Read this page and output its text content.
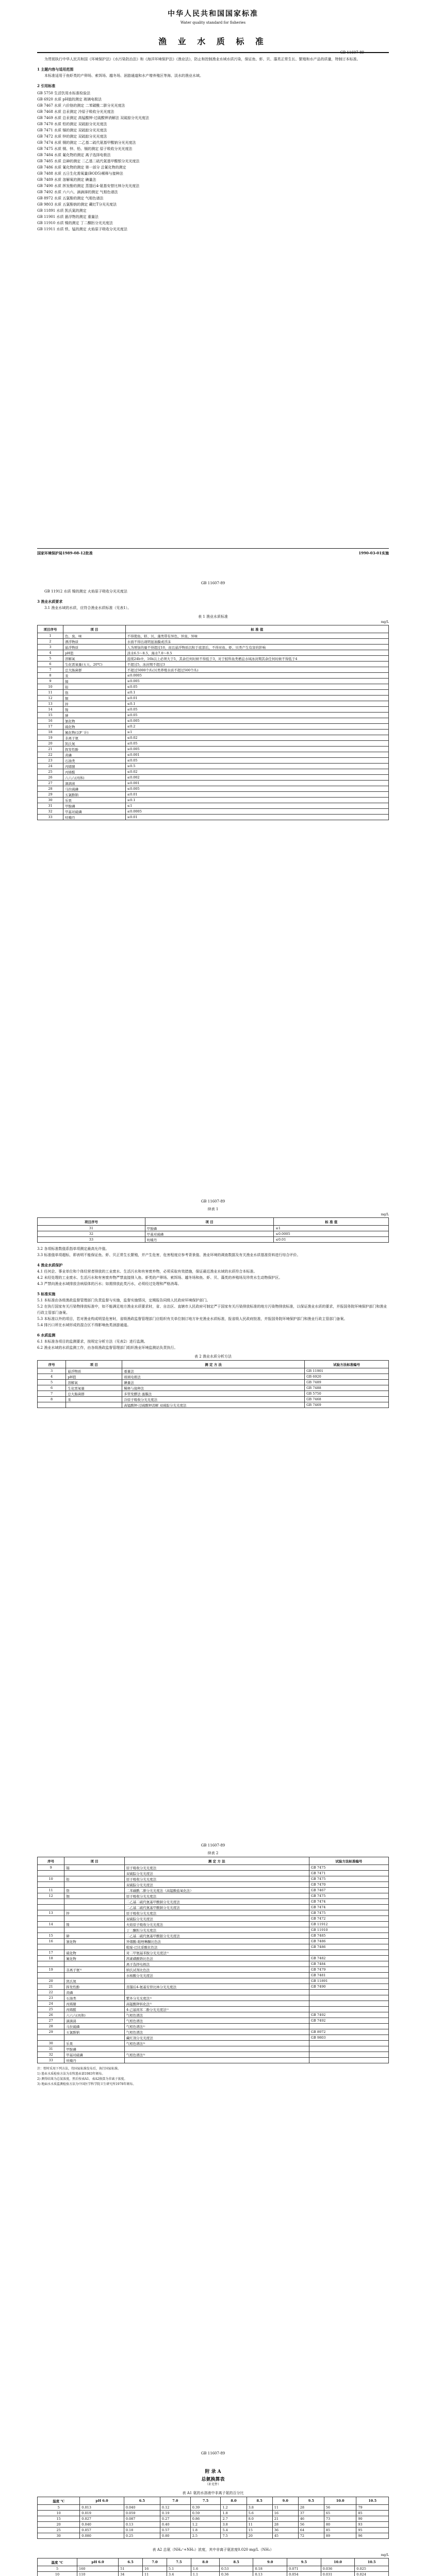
中华人民共和国国家标准
Water quality standard for fisheries
渔 业 水 质 标 准
GB 11607-89
为贯彻执行中华人民共和国《环境保护法》《水污染防治法》和《海洋环境保护法》《渔业法》，防止和控制渔业水域水质污染，保证鱼、虾、贝、藻类正常生长、繁殖和水产品的质量，特制订本标准。
1 主题内容与适用范围
本标准适用于鱼虾类的产卵场、索饵场、越冬场、洄游通道和水产增养殖区等海、淡水的渔业水域。
2 引用标准
GB 5750 生活饮用水标准检验法
GB 6920 水质 pH值的测定 玻璃电极法
GB 7467 水质 六价铬的测定 二苯碳酰二肼分光光度法
GB 7468 水质 总汞测定 冷原子吸收分光光度法
GB 7469 水质 总汞测定 高锰酸钾-过硫酸钾消解法 双硫腙分光光度法
GB 7470 水质 铅的测定 双硫腙分光光度法
GB 7471 水质 镉的测定 双硫腙分光光度法
GB 7472 水质 锌的测定 双硫腙分光光度法
GB 7474 水质 铜的测定 二乙基二硫代氨基甲酸钠分光光度法
GB 7475 水质 铜、锌、铅、镉的测定 原子吸收分光光度法
GB 7484 水质 氟化物的测定 离子选择电极法
GB 7485 水质 总砷的测定 二乙基二硫代氨基甲酸银分光光度法
GB 7486 水质 氰化物的测定 第一部分 总氰化物的测定
GB 7488 水质 五日生化需氧量(BOD5)稀释与接种法
GB 7489 水质 溶解氧的测定 碘量法
GB 7490 水质 挥发酚的测定 蒸馏后4-氨基安替比林分光光度法
GB 7492 水质 六六六、滴滴涕的测定 气相色谱法
GB 8972 水质 五氯酚的测定 气相色谱法
GB 9803 水质 五氯酚钠的测定 藏红T分光光度法
GB 11891 水质 凯氏氮的测定
GB 11901 水质 悬浮物的测定 重量法
GB 11910 水质 镍的测定 丁二酮肟分光光度法
GB 11911 水质 铁、锰的测定 火焰原子吸收分光光度法
国家环境保护局1989-08-12批准	1990-03-01实施
GB 11607-89
GB 11912 水质 镍的测定 火焰原子吸收分光光度法
3 渔业水质要求
3.1 渔业水域的水质，应符合渔业水质标准（见表1）。
表 1 渔业水质标准
mg/L
项目序号	项 目	标 准 值
1	色、臭、味	不得使鱼、虾、贝、藻类带有异色、异臭、异味
2	漂浮物质	水面不得出现明显油膜或浮沫
3	悬浮物质	人为增加的量不得超过10，而且悬浮物质沉积于底部后，不得对鱼、虾、贝类产生有害的影响
4	pH值	淡水6.5～8.5，海水7.0～8.5
5	溶解氧	连续24h中，16h以上必须大于5，其余任何时候不得低于3，对于鲑科鱼类栖息水域冰封期其余任何时候不得低于4
6	生化需氧量(五天、20℃)	不超过5，冰封期不超过3
7	总大肠菌群	不超过5000个/L(贝类养殖水质不超过500个/L)
8	汞	≤0.0005
9	镉	≤0.005
10	铅	≤0.05
11	铬	≤0.1
12	铜	≤0.01
13	锌	≤0.1
14	镍	≤0.05
15	砷	≤0.05
16	氰化物	≤0.005
17	硫化物	≤0.2
18	氟化物(以F⁻计)	≤1
19	非离子氨	≤0.02
20	凯氏氮	≤0.05
21	挥发性酚	≤0.005
22	黄磷	≤0.001
23	石油类	≤0.05
24	丙烯腈	≤0.5
25	丙烯醛	≤0.02
26	六六六(丙体)	≤0.002
27	滴滴涕	≤0.001
28	马拉硫磷	≤0.005
29	五氯酚钠	≤0.01
30	乐果	≤0.1
31	甲胺磷	≤1
32	甲基对硫磷	≤0.0005
33	呋喃丹	≤0.01
GB 11607-89
续表 1
mg/L
项目序号	项 目	标 准 值
31	甲胺磷	≤1
32	甲基对硫磷	≤0.0005
33	呋喃丹	≤0.01
3.2 各项标准数值系指单项测定最高允许值。
3.3 标准值单项超标，即表明不能保证鱼、虾、贝正常生长繁殖，并产生危害，危害程度应参考背景值、渔业环境的调查数据及有关渔业水质基准资料进行综合评价。
4 渔业水质保护
4.1 任何企、事业单位和个体经营者排放的工业废水、生活污水和有害废弃物，必须采取有效措施，保证最近渔业水域的水质符合本标准。
4.2 未经处理的工业废水、生活污水和有害废弃物严禁直接排入鱼、虾类的产卵场、索饵场、越冬场和鱼、虾、贝、藻类的养殖场及珍贵水生动物保护区。
4.3 严禁向渔业水域排放含病原体的污水；如需排放此类污水，必须经过处理和严格消毒。
5 标准实施
5.1 本标准由各级渔政监督管理部门负责监督与实施，监督实施情况，定期报告同级人民政府环境保护部门。
5.2 在执行国家有关污染物排放标准中，如不能满足地方渔业水质要求时，省、自治区、直辖市人民政府可制定严于国家有关污染排放标准的地方污染物排放标准，以保证渔业水质的要求，并报国务院环境保护部门和渔业行政主管部门备案。
5.3 本标准以外的项目，若对渔业构成明显危害时，省级渔政监督管理部门应组织有关单位制订地方补充渔业水质标准，报省级人民政府批准，并报国务院环境保护部门和渔业行政主管部门备案。
5.4 排污口所在水域形成的混合区不得影响鱼类洄游通道。
6 水质监测
6.1 本标准各项目的监测要求，按规定分析方法（见表2）进行监测。
6.2 渔业水域的水质监测工作，由各级渔政监督管理部门组织渔业环境监测站负责执行。
表 2 渔业水质分析方法
序号	项 目	测 定 方 法	试验方法标准编号
3	悬浮物质	重量法	GB 11901
4	pH值	玻璃电极法	GB 6920
5	溶解氧	碘量法	GB 7489
6	生化需氧量	稀释与接种法	GB 7488
7	总大肠菌群	多管发酵法 滤膜法	GB 5750
8	汞	冷原子吸收分光光度法	GB 7468
		高锰酸钾-过硫酸钾消解 双硫腙分光光度法	GB 7469
GB 11607-89
续表 2
序号	项 目	测 定 方 法	试验方法标准编号
9	镉	原子吸收分光光度法	GB 7475
		双硫腙分光光度法	GB 7471
10	铅	原子吸收分光光度法	GB 7475
		双硫腙分光光度法	GB 7470
11	铬	二苯碳酰二肼分光光度法（高锰酸盐氧化法）	GB 7467
12	铜	原子吸收分光光度法	GB 7475
		二乙基二硫代氨基甲酸钠分光光度法	GB 7474
		二乙基二硫代氨基甲酸钠分光光度法	GB 7474
13	锌	原子吸收分光光度法	GB 7475
		双硫腙分光光度法	GB 7472
14	镍	火焰原子吸收分光光度法	GB 11912
		丁二酮肟分光光度法	GB 11910
15	砷	二乙基二硫代氨基甲酸银分光光度法	GB 7485
16	氰化物	异烟酸-吡唑啉酮比色法	GB 7486
		吡啶-巴比妥酸比色法	GB 7486
17	硫化物	对二甲氨基苯胺分光光度法¹⁾	
18	氟化物	茜素磺酸锆比色法	GB 7482
		离子选择电极法	GB 7484
19	非离子氨²⁾	纳氏试剂比色法	GB 7479
		水杨酸分光光度法	GB 7481
20	凯氏氮		GB 11891
21	挥发性酚	蒸馏后4-氨基安替比林分光光度法	GB 7490
22	黄磷		
23	石油类	紫外分光光度法¹⁾	
24	丙烯腈	高锰酸钾转化法¹⁾	
25	丙烯醛	4-己基间苯二酚分光光度法¹⁾	
26	六六六(丙体)	气相色谱法	GB 7492
27	滴滴涕	气相色谱法	GB 7492
28	马拉硫磷	气相色谱法¹⁾	
29	五氯酚钠	气相色谱法	GB 8972
		藏红剂分光光度法	GB 9803
30	乐果	气相色谱法³⁾	
31	甲胺磷		
32	甲基对硫磷	气相色谱法³⁾	
33	呋喃丹		
注：暂时采用下列方法，待国家标准发布后，执行国家标准。
1) 渔业水质检验方法为农牧渔业部1983年颁布。
2) 测得结果为总氨浓度，然后按表A1、表A2换算为非离子浓度。
3) 地面水水质监测检验方法为中国医学科学院卫生研究所1978年颁布。
GB 11607-89
附 录 A
总氨换算表
（补充件）
表 A1 氨的水溶液中非离子氨的百分比
温度 ℃	pH 6.0	6.5	7.0	7.5	8.0	8.5	9.0	9.5	10.0	10.5
5	0.013	0.040	0.12	0.39	1.2	3.8	11	28	56	79
10	0.019	0.059	0.19	0.59	1.8	5.6	16	37	65	85
15	0.027	0.087	0.27	0.86	2.7	8.0	21	46	73	90
20	0.040	0.13	0.40	1.2	3.8	11	28	56	80	93
25	0.057	0.18	0.57	1.8	5.4	15	36	64	85	95
30	0.080	0.25	0.80	2.5	7.5	20	45	72	89	96
表 A2 总氨（NH₄⁺+NH₃）浓度，其中非离子氨浓度0.020 mg/L（NH₃）
mg/L
温度 ℃	pH 6.0	6.5	7.0	7.5	8.0	8.5	9.0	9.5	10.0	10.5
5	160	51	16	5.1	1.6	0.53	0.18	0.071	0.036	0.025
10	110	34	11	3.4	1.1	0.36	0.13	0.054	0.031	0.024
